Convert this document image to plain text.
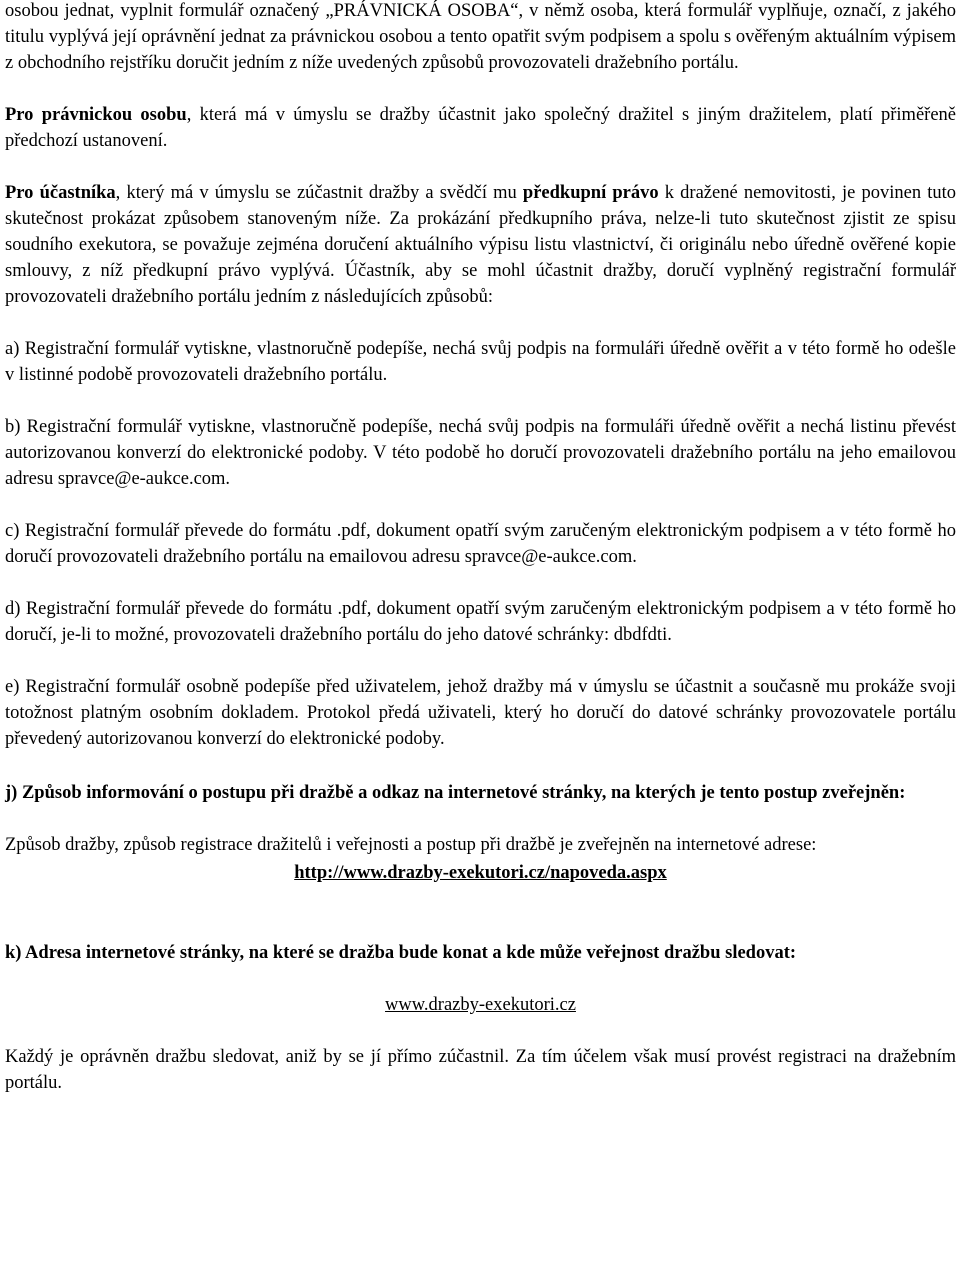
osobou jednat, vyplnit formulář označený „PRÁVNICKÁ OSOBA“, v němž osoba, která formulář vyplňuje, označí, z jakého titulu vyplývá její oprávnění jednat za právnickou osobou a tento opatřit svým podpisem a spolu s ověřeným aktuálním výpisem z obchodního rejstříku doručit jedním z níže uvedených způsobů provozovateli dražebního portálu.

Pro právnickou osobu, která má v úmyslu se dražby účastnit jako společný dražitel s jiným dražitelem, platí přiměřeně předchozí ustanovení.

Pro účastníka, který má v úmyslu se zúčastnit dražby a svědčí mu předkupní právo k dražené nemovitosti, je povinen tuto skutečnost prokázat způsobem stanoveným níže. Za prokázání předkupního práva, nelze-li tuto skutečnost zjistit ze spisu soudního exekutora, se považuje zejména doručení aktuálního výpisu listu vlastnictví, či originálu nebo úředně ověřené kopie smlouvy, z níž předkupní právo vyplývá. Účastník, aby se mohl účastnit dražby, doručí vyplněný registrační formulář provozovateli dražebního portálu jedním z následujících způsobů:

a) Registrační formulář vytiskne, vlastnoručně podepíše, nechá svůj podpis na formuláři úředně ověřit a v této formě ho odešle v listinné podobě provozovateli dražebního portálu.

b) Registrační formulář vytiskne, vlastnoručně podepíše, nechá svůj podpis na formuláři úředně ověřit a nechá listinu převést autorizovanou konverzí do elektronické podoby. V této podobě ho doručí provozovateli dražebního portálu na jeho emailovou adresu spravce@e-aukce.com.

c) Registrační formulář převede do formátu .pdf, dokument opatří svým zaručeným elektronickým podpisem a v této formě ho doručí provozovateli dražebního portálu na emailovou adresu spravce@e-aukce.com.

d) Registrační formulář převede do formátu .pdf, dokument opatří svým zaručeným elektronickým podpisem a v této formě ho doručí, je-li to možné, provozovateli dražebního portálu do jeho datové schránky: dbdfdti.

e) Registrační formulář osobně podepíše před uživatelem, jehož dražby má v úmyslu se účastnit a současně mu prokáže svoji totožnost platným osobním dokladem. Protokol předá uživateli, který ho doručí do datové schránky provozovatele portálu převedený autorizovanou konverzí do elektronické podoby.

j) Způsob informování o postupu při dražbě a odkaz na internetové stránky, na kterých je tento postup zveřejněn:

Způsob dražby, způsob registrace dražitelů i veřejnosti a postup při dražbě je zveřejněn na internetové adrese:

http://www.drazby-exekutori.cz/napoveda.aspx

k) Adresa internetové stránky, na které se dražba bude konat a kde může veřejnost dražbu sledovat:

www.drazby-exekutori.cz

Každý je oprávněn dražbu sledovat, aniž by se jí přímo zúčastnil. Za tím účelem však musí provést registraci na dražebním portálu.
